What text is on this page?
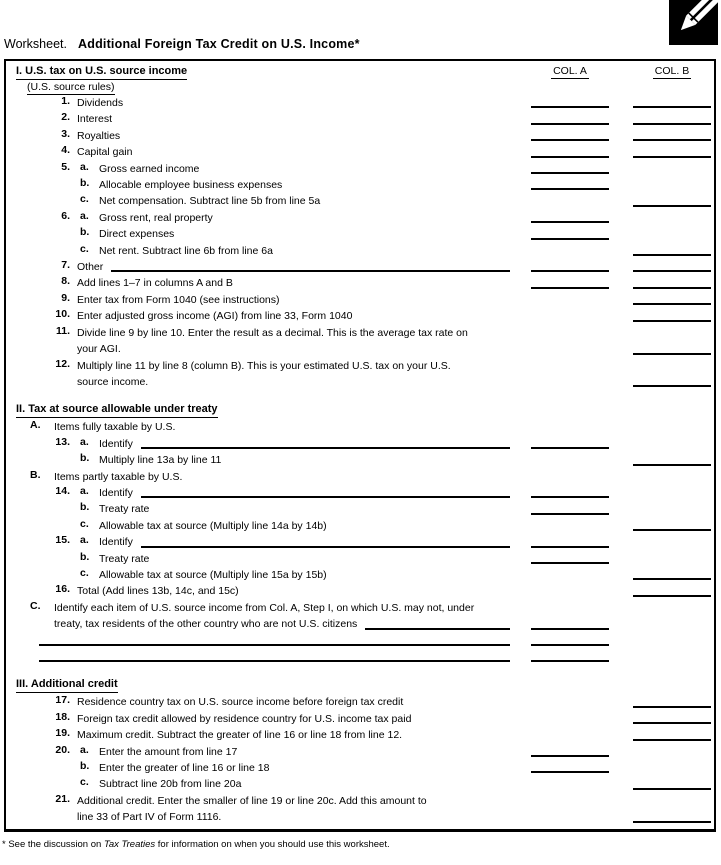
Worksheet. Additional Foreign Tax Credit on U.S. Income*
I. U.S. tax on U.S. source income	COL. A	COL. B
(U.S. source rules)
1. Dividends
2. Interest
3. Royalties
4. Capital gain
5. a. Gross earned income
b. Allocable employee business expenses
c. Net compensation. Subtract line 5b from line 5a
6. a. Gross rent, real property
b. Direct expenses
c. Net rent. Subtract line 6b from line 6a
7. Other
8. Add lines 1–7 in columns A and B
9. Enter tax from Form 1040 (see instructions)
10. Enter adjusted gross income (AGI) from line 33, Form 1040
11. Divide line 9 by line 10. Enter the result as a decimal. This is the average tax rate on
your AGI.
12. Multiply line 11 by line 8 (column B). This is your estimated U.S. tax on your U.S.
source income.
II. Tax at source allowable under treaty
A. Items fully taxable by U.S.
13. a. Identify
b. Multiply line 13a by line 11
B. Items partly taxable by U.S.
14. a. Identify
b. Treaty rate
c. Allowable tax at source (Multiply line 14a by 14b)
15. a. Identify
b. Treaty rate
c. Allowable tax at source (Multiply line 15a by 15b)
16. Total (Add lines 13b, 14c, and 15c)
C. Identify each item of U.S. source income from Col. A, Step I, on which U.S. may not, under
treaty, tax residents of the other country who are not U.S. citizens
III. Additional credit
17. Residence country tax on U.S. source income before foreign tax credit
18. Foreign tax credit allowed by residence country for U.S. income tax paid
19. Maximum credit. Subtract the greater of line 16 or line 18 from line 12.
20. a. Enter the amount from line 17
b. Enter the greater of line 16 or line 18
c. Subtract line 20b from line 20a
21. Additional credit. Enter the smaller of line 19 or line 20c. Add this amount to
line 33 of Part IV of Form 1116.
* See the discussion on Tax Treaties for information on when you should use this worksheet.
